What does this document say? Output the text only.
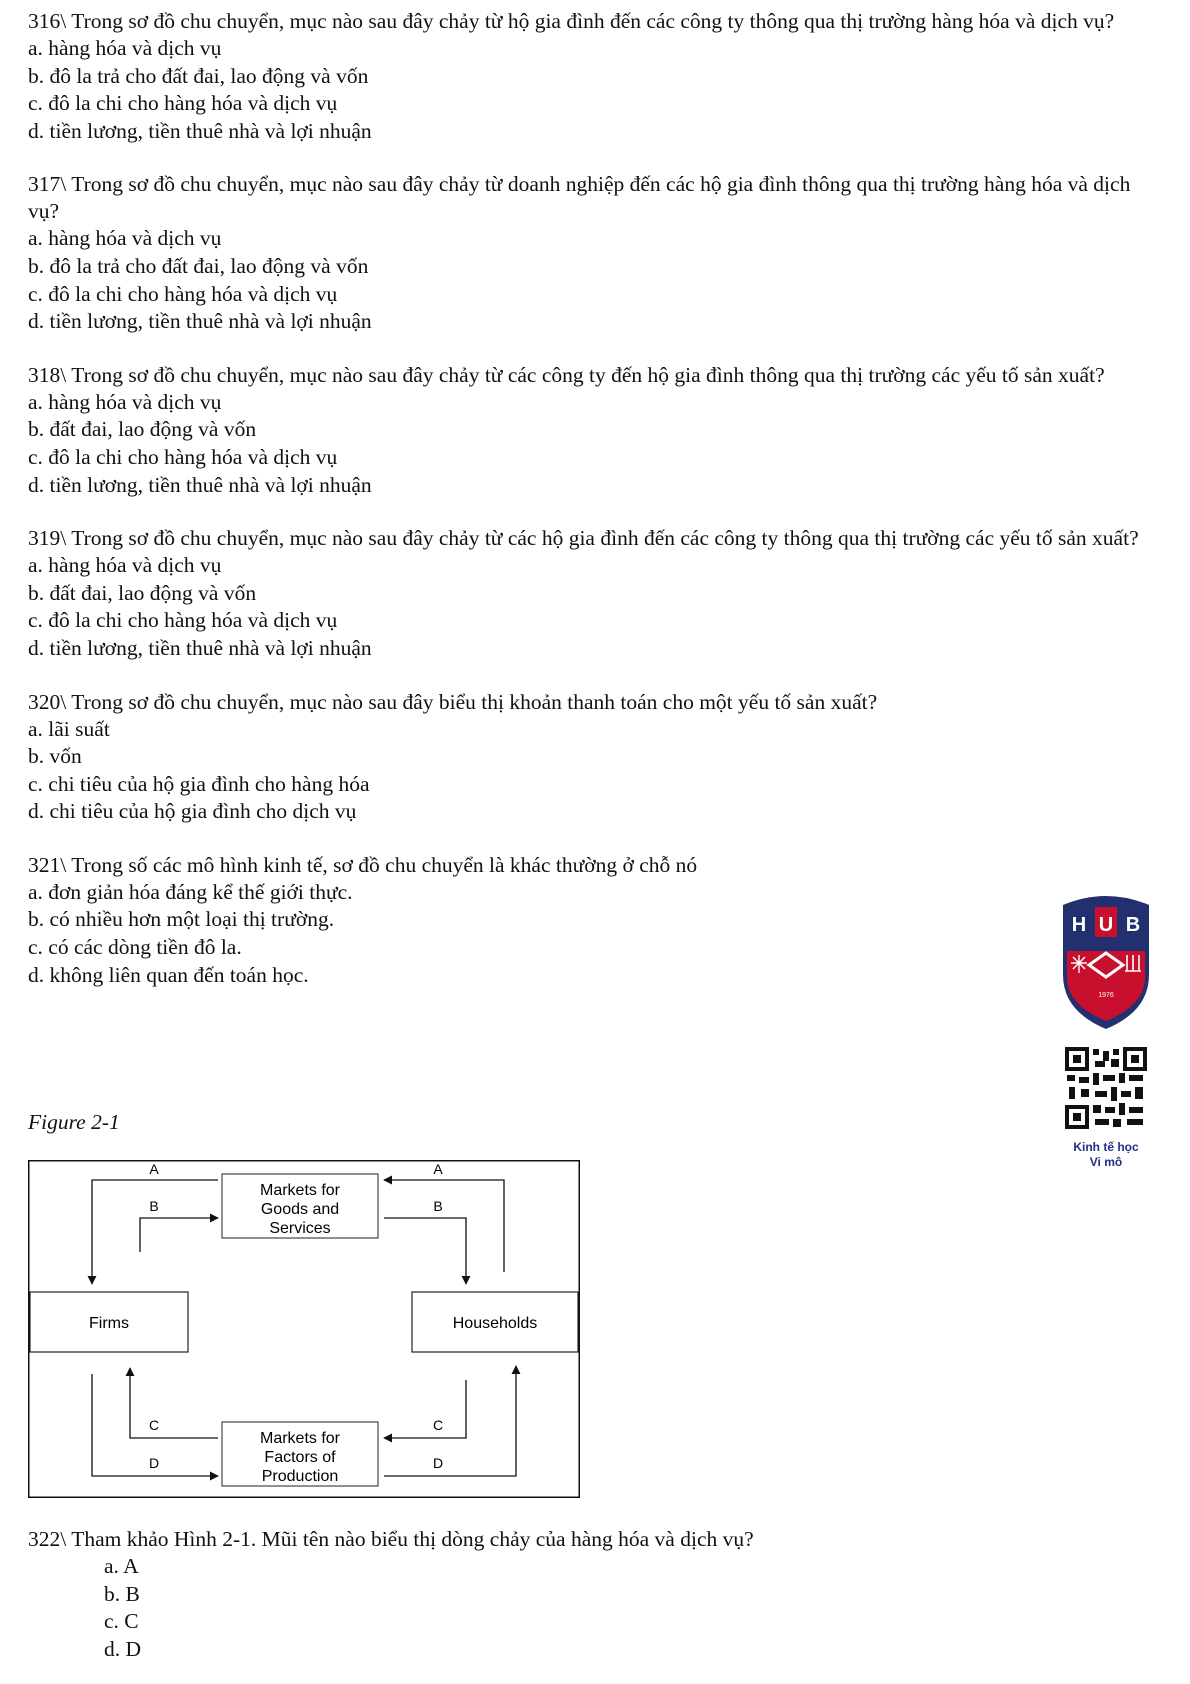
316\ Trong sơ đồ chu chuyển, mục nào sau đây chảy từ hộ gia đình đến các công ty thông qua thị trường hàng hóa và dịch vụ?
a. hàng hóa và dịch vụ
b. đô la trả cho đất đai, lao động và vốn
c. đô la chi cho hàng hóa và dịch vụ
d. tiền lương, tiền thuê nhà và lợi nhuận
317\ Trong sơ đồ chu chuyển, mục nào sau đây chảy từ doanh nghiệp đến các hộ gia đình thông qua thị trường hàng hóa và dịch vụ?
a. hàng hóa và dịch vụ
b. đô la trả cho đất đai, lao động và vốn
c. đô la chi cho hàng hóa và dịch vụ
d. tiền lương, tiền thuê nhà và lợi nhuận
318\ Trong sơ đồ chu chuyển, mục nào sau đây chảy từ các công ty đến hộ gia đình thông qua thị trường các yếu tố sản xuất?
a. hàng hóa và dịch vụ
b. đất đai, lao động và vốn
c. đô la chi cho hàng hóa và dịch vụ
d. tiền lương, tiền thuê nhà và lợi nhuận
319\ Trong sơ đồ chu chuyển, mục nào sau đây chảy từ các hộ gia đình đến các công ty thông qua thị trường các yếu tố sản xuất?
a. hàng hóa và dịch vụ
b. đất đai, lao động và vốn
c. đô la chi cho hàng hóa và dịch vụ
d. tiền lương, tiền thuê nhà và lợi nhuận
320\ Trong sơ đồ chu chuyển, mục nào sau đây biểu thị khoản thanh toán cho một yếu tố sản xuất?
a. lãi suất
b. vốn
c. chi tiêu của hộ gia đình cho hàng hóa
d. chi tiêu của hộ gia đình cho dịch vụ
321\ Trong số các mô hình kinh tế, sơ đồ chu chuyển là khác thường ở chỗ nó
a. đơn giản hóa đáng kể thế giới thực.
b. có nhiều hơn một loại thị trường.
c. có các dòng tiền đô la.
d. không liên quan đến toán học.
Figure 2-1
Markets for
Goods and
Services
Markets for
Factors of
Production
Firms	Households
A	A
B	B
C	C
D	D
322\ Tham khảo Hình 2-1. Mũi tên nào biểu thị dòng chảy của hàng hóa và dịch vụ?
a. A
b. B
c. C
d. D
H U B
1976
Kinh tế học
Vi mô
